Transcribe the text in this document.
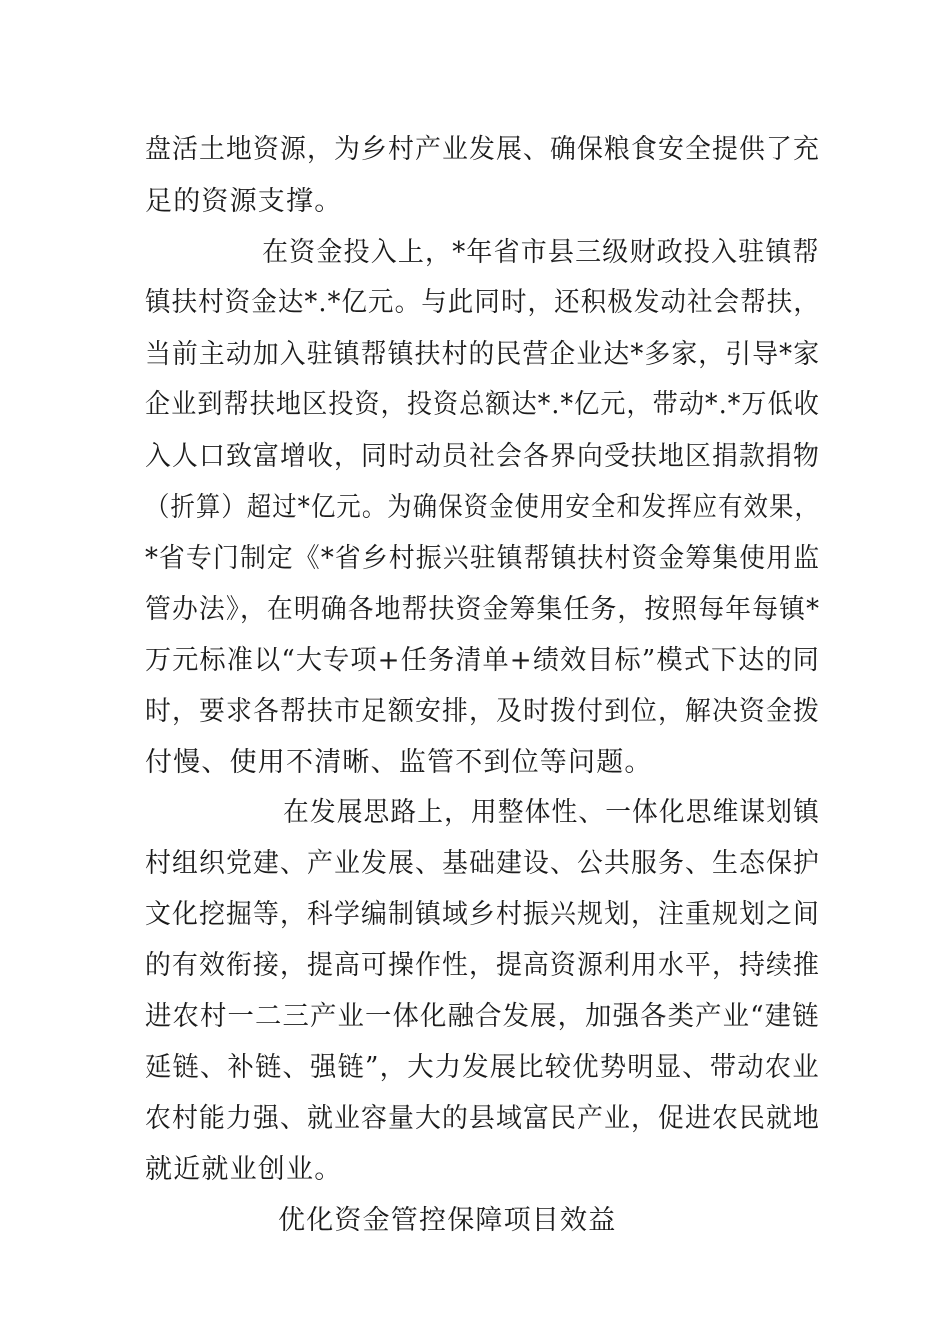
盘活土地资源，为乡村产业发展、确保粮食安全提供了充
足的资源支撑。
在资金投入上，*年省市县三级财政投入驻镇帮
镇扶村资金达*.*亿元。与此同时，还积极发动社会帮扶，
当前主动加入驻镇帮镇扶村的民营企业达*多家，引导*家
企业到帮扶地区投资，投资总额达*.*亿元，带动*.*万低收
入人口致富增收，同时动员社会各界向受扶地区捐款捐物
（折算）超过*亿元。为确保资金使用安全和发挥应有效果，
*省专门制定《*省乡村振兴驻镇帮镇扶村资金筹集使用监
管办法》，在明确各地帮扶资金筹集任务，按照每年每镇*
万元标准以“大专项+任务清单+绩效目标”模式下达的同
时，要求各帮扶市足额安排，及时拨付到位，解决资金拨
付慢、使用不清晰、监管不到位等问题。
在发展思路上，用整体性、一体化思维谋划镇
村组织党建、产业发展、基础建设、公共服务、生态保护
文化挖掘等，科学编制镇域乡村振兴规划，注重规划之间
的有效衔接，提高可操作性，提高资源利用水平，持续推
进农村一二三产业一体化融合发展，加强各类产业“建链
延链、补链、强链”，大力发展比较优势明显、带动农业
农村能力强、就业容量大的县域富民产业，促进农民就地
就近就业创业。
优化资金管控保障项目效益
